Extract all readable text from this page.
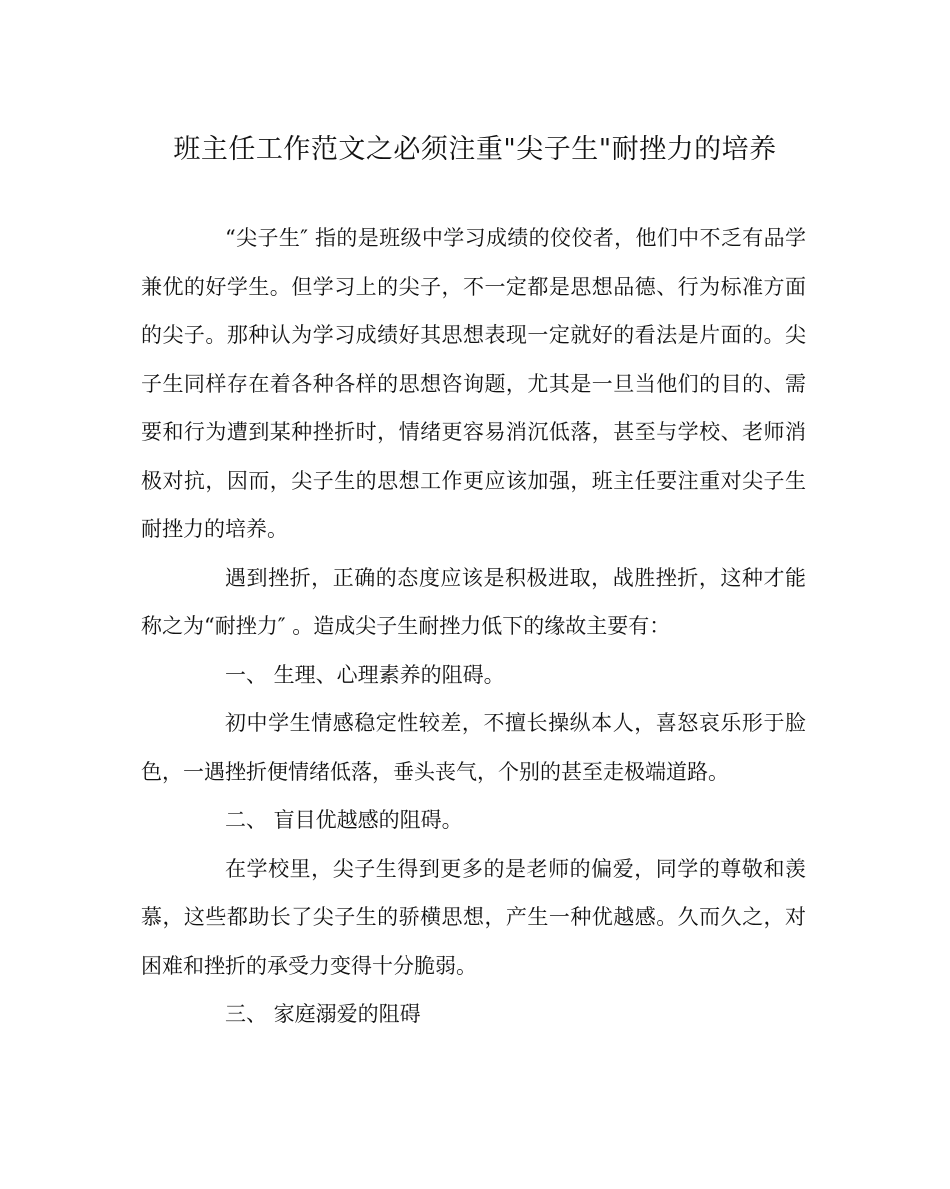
班主任工作范文之必须注重"尖子生"耐挫力的培养

“尖子生″ 指的是班级中学习成绩的佼佼者，他们中不乏有品学兼优的好学生。但学习上的尖子，不一定都是思想品德、行为标准方面的尖子。那种认为学习成绩好其思想表现一定就好的看法是片面的。尖子生同样存在着各种各样的思想咨询题，尤其是一旦当他们的目的、需要和行为遭到某种挫折时，情绪更容易消沉低落，甚至与学校、老师消极对抗，因而，尖子生的思想工作更应该加强，班主任要注重对尖子生耐挫力的培养。

遇到挫折，正确的态度应该是积极进取，战胜挫折，这种才能称之为“耐挫力″ 。造成尖子生耐挫力低下的缘故主要有：

一、 生理、心理素养的阻碍。

初中学生情感稳定性较差，不擅长操纵本人，喜怒哀乐形于脸色，一遇挫折便情绪低落，垂头丧气，个别的甚至走极端道路。

二、 盲目优越感的阻碍。

在学校里，尖子生得到更多的是老师的偏爱，同学的尊敬和羡慕，这些都助长了尖子生的骄横思想，产生一种优越感。久而久之，对困难和挫折的承受力变得十分脆弱。

三、 家庭溺爱的阻碍
